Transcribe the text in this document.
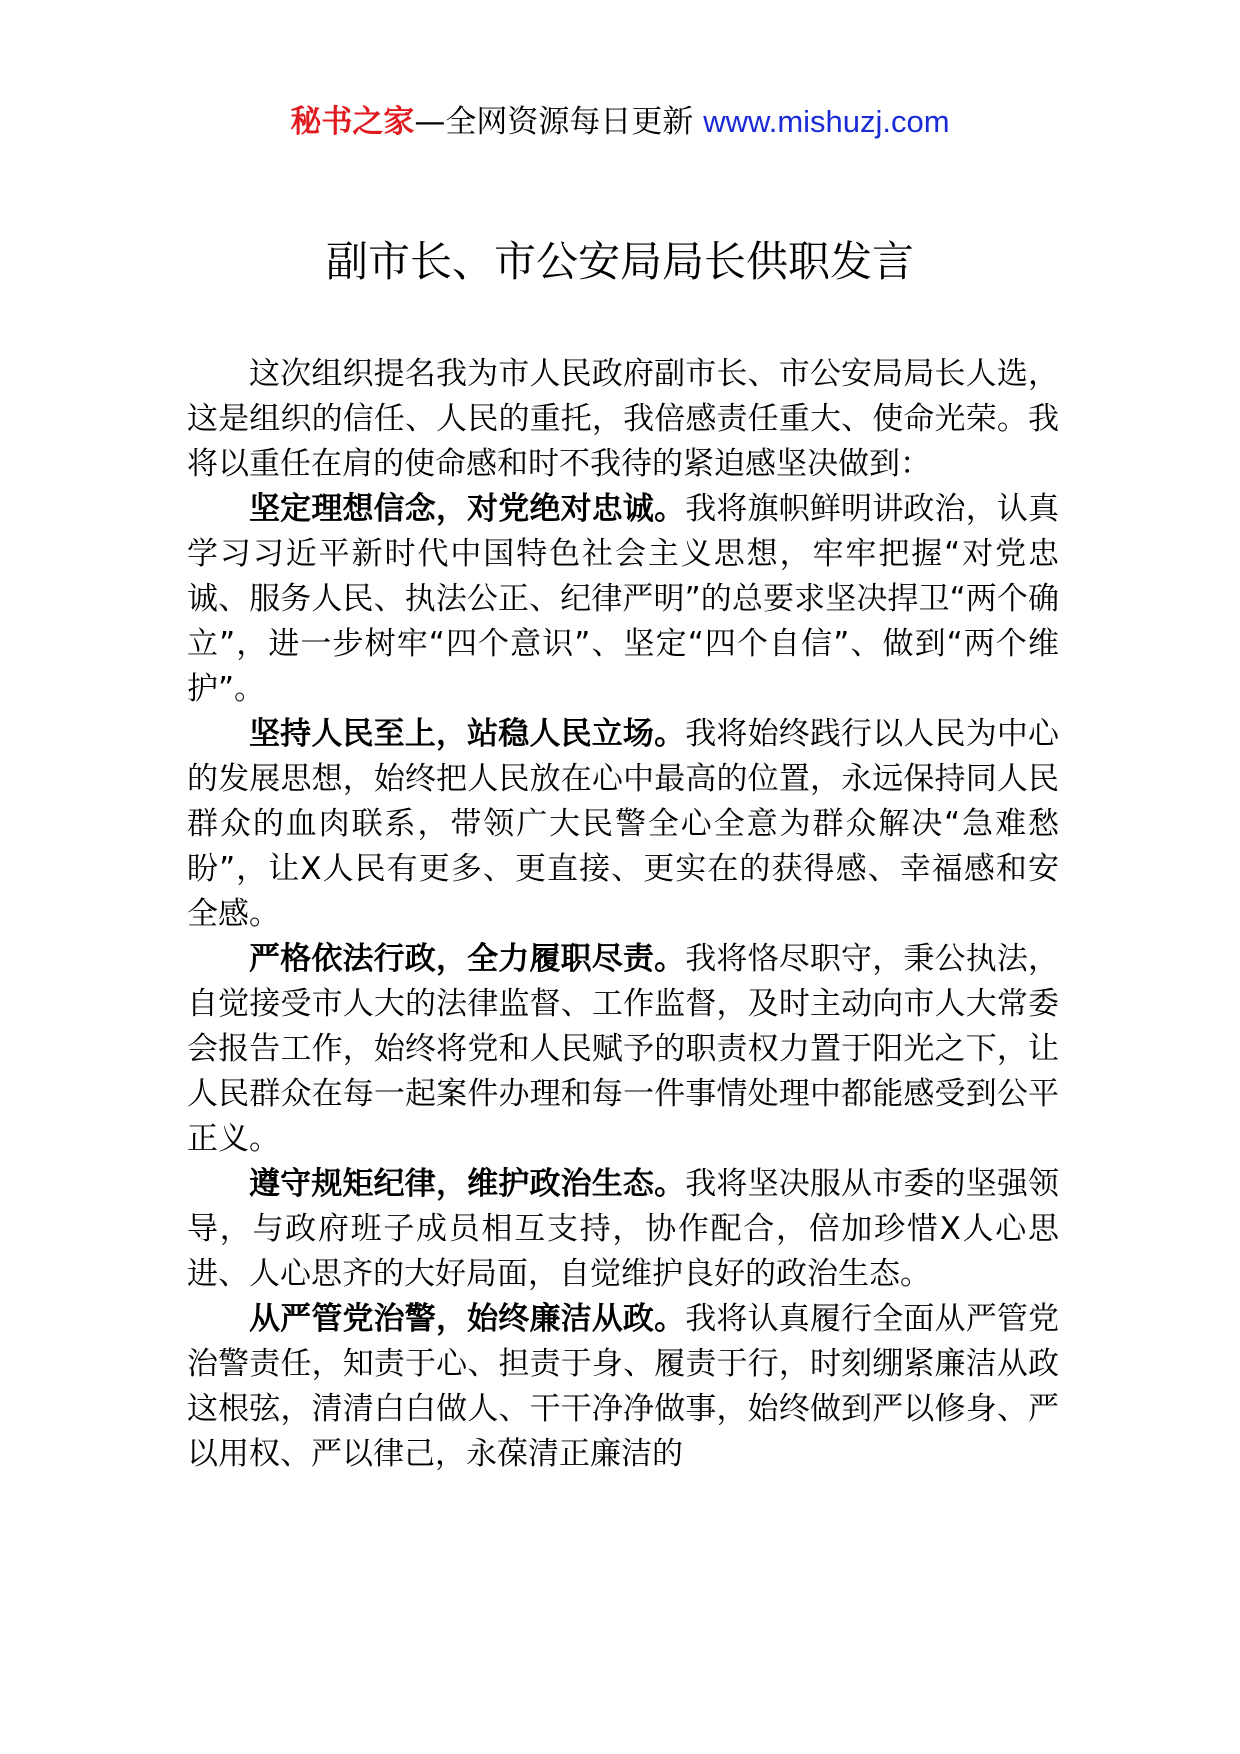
秘书之家—全网资源每日更新 www.mishuzj.com
副市长、市公安局局长供职发言

这次组织提名我为市人民政府副市长、市公安局局长人选，这是组织的信任、人民的重托，我倍感责任重大、使命光荣。我将以重任在肩的使命感和时不我待的紧迫感坚决做到：

坚定理想信念，对党绝对忠诚。我将旗帜鲜明讲政治，认真学习习近平新时代中国特色社会主义思想，牢牢把握“对党忠诚、服务人民、执法公正、纪律严明”的总要求坚决捍卫“两个确立”，进一步树牢“四个意识”、坚定“四个自信”、做到“两个维护”。

坚持人民至上，站稳人民立场。我将始终践行以人民为中心的发展思想，始终把人民放在心中最高的位置，永远保持同人民群众的血肉联系，带领广大民警全心全意为群众解决“急难愁盼”，让X人民有更多、更直接、更实在的获得感、幸福感和安全感。

严格依法行政，全力履职尽责。我将恪尽职守，秉公执法，自觉接受市人大的法律监督、工作监督，及时主动向市人大常委会报告工作，始终将党和人民赋予的职责权力置于阳光之下，让人民群众在每一起案件办理和每一件事情处理中都能感受到公平正义。

遵守规矩纪律，维护政治生态。我将坚决服从市委的坚强领导，与政府班子成员相互支持，协作配合，倍加珍惜X人心思进、人心思齐的大好局面，自觉维护良好的政治生态。

从严管党治警，始终廉洁从政。我将认真履行全面从严管党治警责任，知责于心、担责于身、履责于行，时刻绷紧廉洁从政这根弦，清清白白做人、干干净净做事，始终做到严以修身、严以用权、严以律己，永葆清正廉洁的
